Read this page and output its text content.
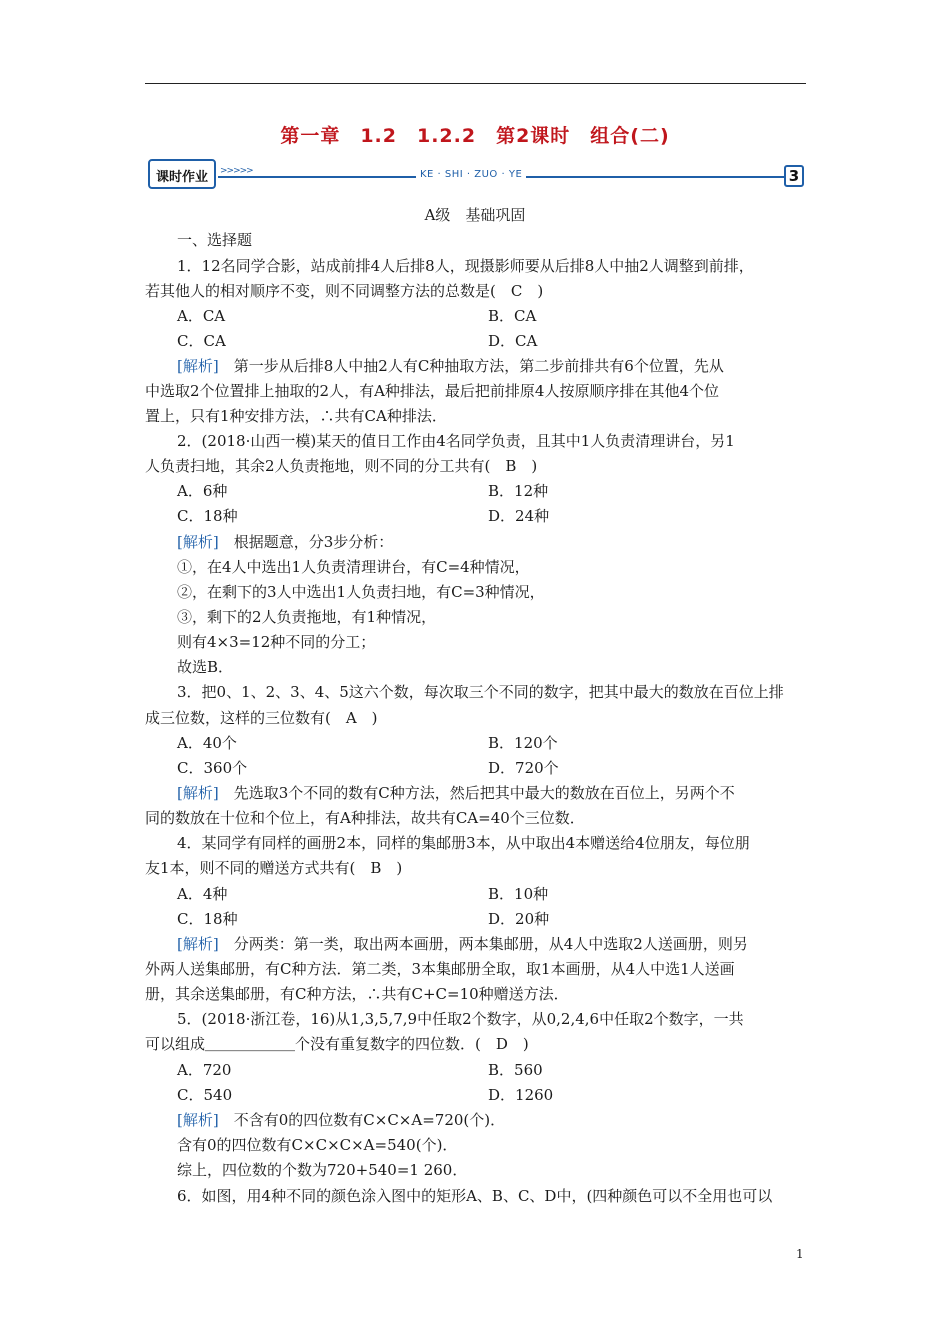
第一章　1.2　1.2.2　第2课时　组合(二)
课时作业 >>>>>	KE · SHI · ZUO · YE	3
A级　基础巩固
一、选择题
1．12名同学合影，站成前排4人后排8人，现摄影师要从后排8人中抽2人调整到前排，
若其他人的相对顺序不变，则不同调整方法的总数是(　C　)
A．CA	B．CA
C．CA	D．CA
[解析]　 第一步从后排8人中抽2人有C种抽取方法，第二步前排共有6个位置，先从
中选取2个位置排上抽取的2人，有A种排法，最后把前排原4人按原顺序排在其他4个位
置上，只有1种安排方法，∴共有CA种排法．
2．(2018·山西一模)某天的值日工作由4名同学负责，且其中1人负责清理讲台，另1
人负责扫地，其余2人负责拖地，则不同的分工共有(　B　)
A．6种	B．12种
C．18种	D．24种
[解析]　 根据题意，分3步分析：
①，在4人中选出1人负责清理讲台，有C=4种情况，
②，在剩下的3人中选出1人负责扫地，有C=3种情况，
③，剩下的2人负责拖地，有1种情况，
则有4×3=12种不同的分工；
故选B．
3．把0、1、2、3、4、5这六个数，每次取三个不同的数字，把其中最大的数放在百位上排
成三位数，这样的三位数有(　A　)
A．40个	B．120个
C．360个	D．720个
[解析]　 先选取3个不同的数有C种方法，然后把其中最大的数放在百位上，另两个不
同的数放在十位和个位上，有A种排法，故共有CA=40个三位数．
4．某同学有同样的画册2本，同样的集邮册3本，从中取出4本赠送给4位朋友，每位朋
友1本，则不同的赠送方式共有(　B　)
A．4种	B．10种
C．18种	D．20种
[解析]　 分两类：第一类，取出两本画册，两本集邮册，从4人中选取2人送画册，则另
外两人送集邮册，有C种方法．第二类，3本集邮册全取，取1本画册，从4人中选1人送画
册，其余送集邮册，有C种方法，∴共有C+C=10种赠送方法．
5．(2018·浙江卷，16)从1,3,5,7,9中任取2个数字，从0,2,4,6中任取2个数字，一共
可以组成＿＿＿＿＿＿个没有重复数字的四位数．(　D　)
A．720	B．560
C．540	D．1260
[解析]　 不含有0的四位数有C×C×A=720(个)．
含有0的四位数有C×C×C×A=540(个)．
综上，四位数的个数为720+540=1 260．
6．如图，用4种不同的颜色涂入图中的矩形A、B、C、D中，(四种颜色可以不全用也可以
1
